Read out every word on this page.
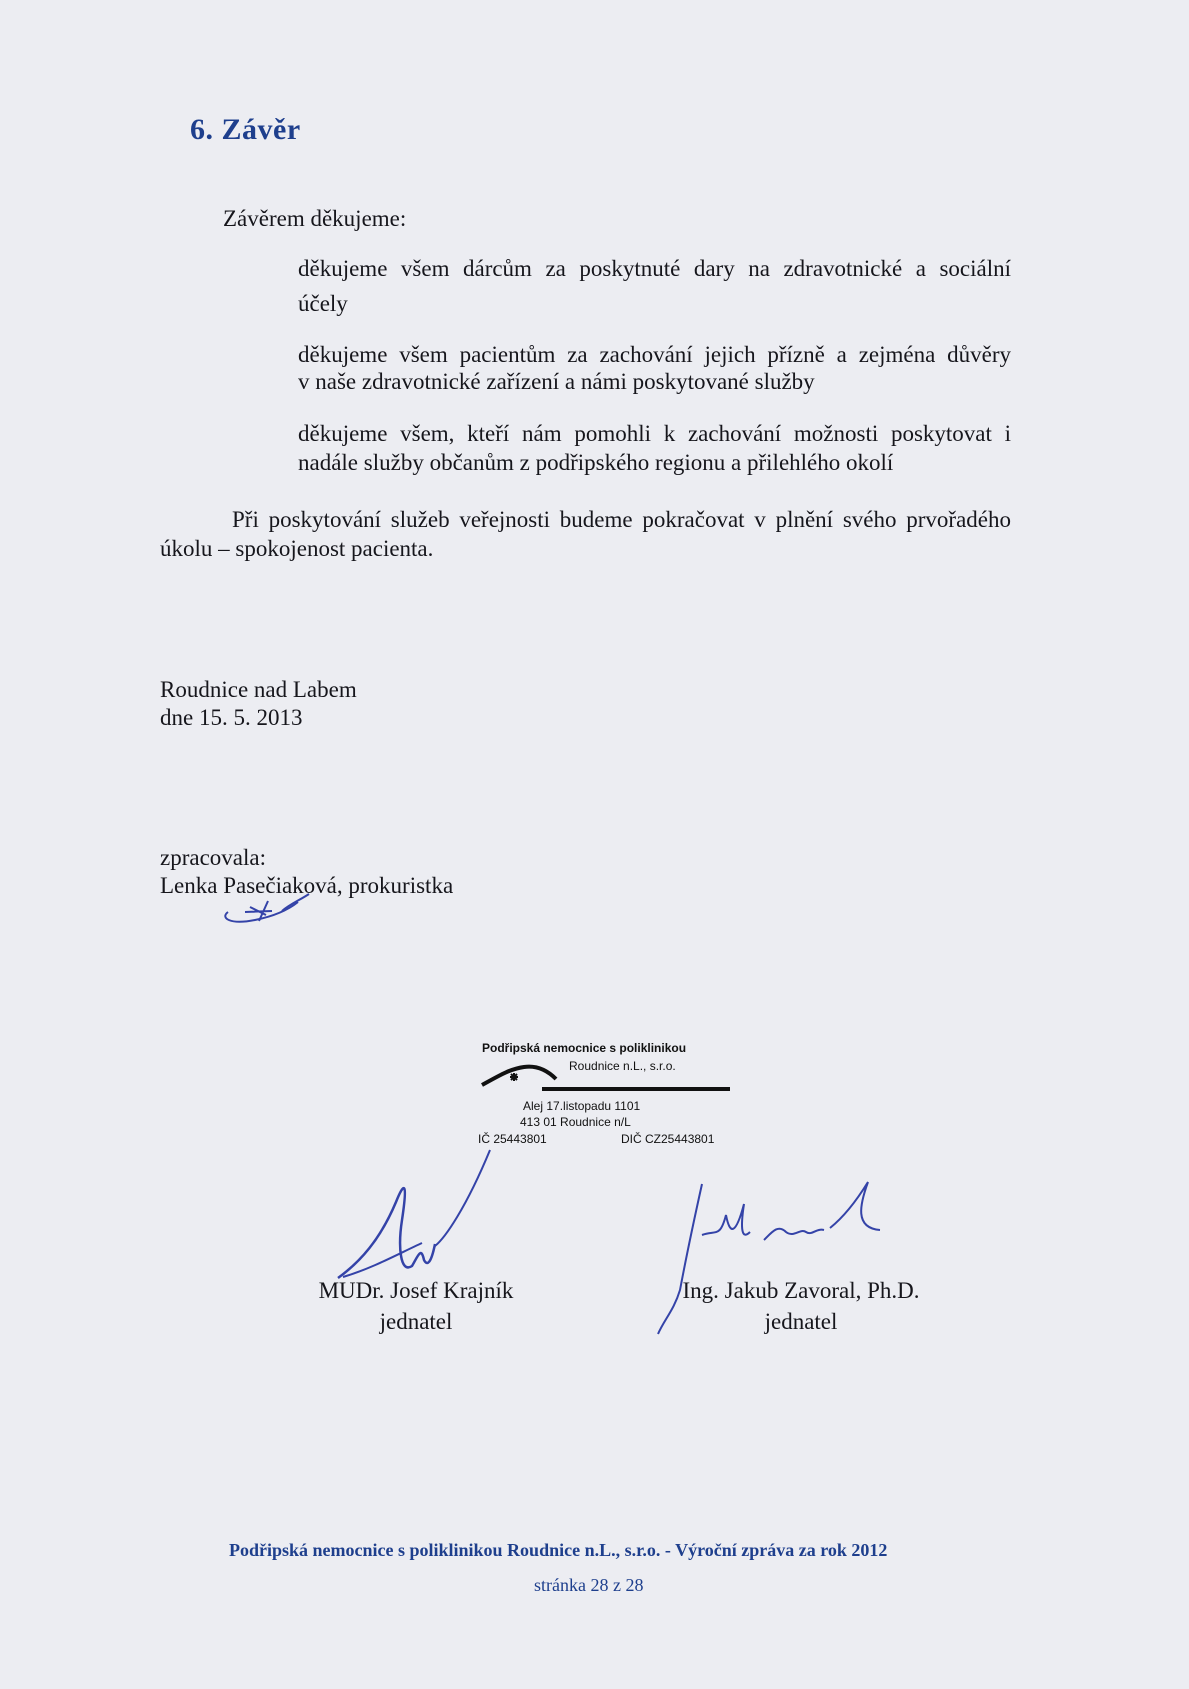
6. Závěr
Závěrem děkujeme:
děkujeme všem dárcům za poskytnuté dary na zdravotnické a sociální
účely
děkujeme všem pacientům za zachování jejich přízně a zejména důvěry
v naše zdravotnické zařízení a námi poskytované služby
děkujeme všem, kteří nám pomohli k zachování možnosti poskytovat i
nadále služby občanům z podřipského regionu a přilehlého okolí
Při poskytování služeb veřejnosti budeme pokračovat v plnění svého prvořadého
úkolu – spokojenost pacienta.
Roudnice nad Labem
dne 15. 5. 2013
zpracovala:
Lenka Pasečiaková, prokuristka
Podřipská nemocnice s poliklinikou
Roudnice n.L., s.r.o.
Alej 17.listopadu 1101
413 01 Roudnice n/L
IČ 25443801	DIČ CZ25443801
MUDr. Josef Krajník
jednatel
Ing. Jakub Zavoral, Ph.D.
jednatel
Podřipská nemocnice s poliklinikou Roudnice n.L., s.r.o. - Výroční zpráva za rok 2012
stránka 28 z 28
